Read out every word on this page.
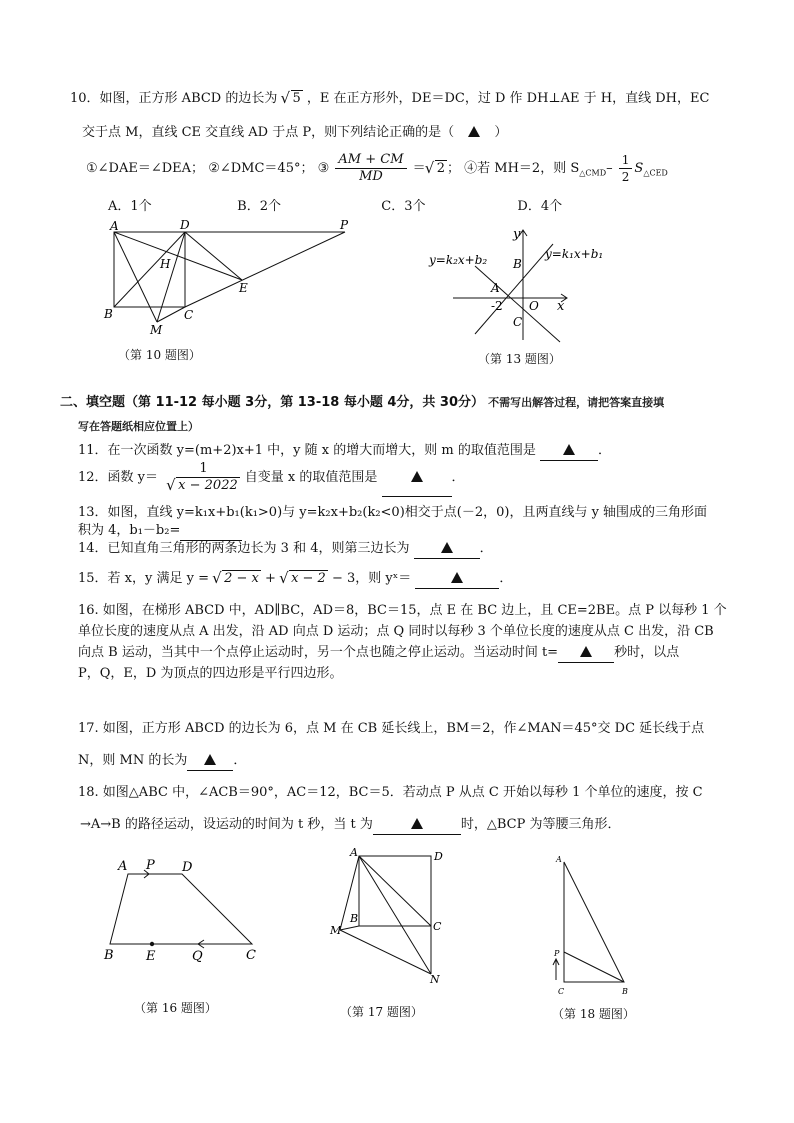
10．如图，正方形 ABCD 的边长为 √ 5 ，E 在正方形外，DE＝DC，过 D 作 DH⊥AE 于 H，直线 DH，EC
交于点 M，直线 CE 交直线 AD 于点 P，则下列结论正确的是（	）
①∠DAE＝∠DEA； ②∠DMC＝45°； ③ $\frac{AM + CM}{MD}$ ＝ √ 2 ； ④若 MH＝2，则 $S_{\triangle CMD}- \frac{1}{2} S_{\triangle CED}$
A．1个	B．2个	C．3个	D．4个
A	D	P
H
E
B	C
M
（第 10 题图）
y
y=k₂x+b₂	y=k₁x+b₁
B
A
O x
-2
C
（第 13 题图）
二、填空题（第 11-12 每小题 3分，第 13-18 每小题 4分，共 30分） 不需写出解答过程，请把答案直接填
写在答题纸相应位置上）
11．在一次函数 y=(m+2)x+1 中，y 随 x 的增大而增大，则 m 的取值范围是	．
12．函数 y＝ 1
√ x − 2022 自变量 x 的取值范围是	．
13．如图，直线 y=k₁x+b₁(k₁>0)与 y=k₂x+b₂(k₂<0)相交于点(－2，0)，且两直线与 y 轴围成的三角形面
积为 4，b₁－b₂=
14．已知直角三角形的两条边长为 3 和 4，则第三边长为	．
15．若 x，y 满足 y = √ 2 − x + √ x − 2 − 3，则 yˣ＝	．
16. 如图，在梯形 ABCD 中，AD∥BC，AD＝8，BC＝15，点 E 在 BC 边上，且 CE=2BE。点 P 以每秒 1 个
单位长度的速度从点 A 出发，沿 AD 向点 D 运动；点 Q 同时以每秒 3 个单位长度的速度从点 C 出发，沿 CB
向点 B 运动，当其中一个点停止运动时，另一个点也随之停止运动。当运动时间 t=	秒时，以点
P，Q，E，D 为顶点的四边形是平行四边形。
17. 如图，正方形 ABCD 的边长为 6，点 M 在 CB 延长线上，BM＝2，作∠MAN＝45°交 DC 延长线于点
N，则 MN 的长为	．
18. 如图△ABC 中，∠ACB＝90°，AC＝12，BC＝5．若动点 P 从点 C 开始以每秒 1 个单位的速度，按 C
→A→B 的路径运动，设运动的时间为 t 秒，当 t 为	时，△BCP 为等腰三角形．
A P D
B E	Q	C
（第 16 题图）
A	D
B
M	C
N
（第 17 题图）
A
P
C	B
（第 18 题图）
